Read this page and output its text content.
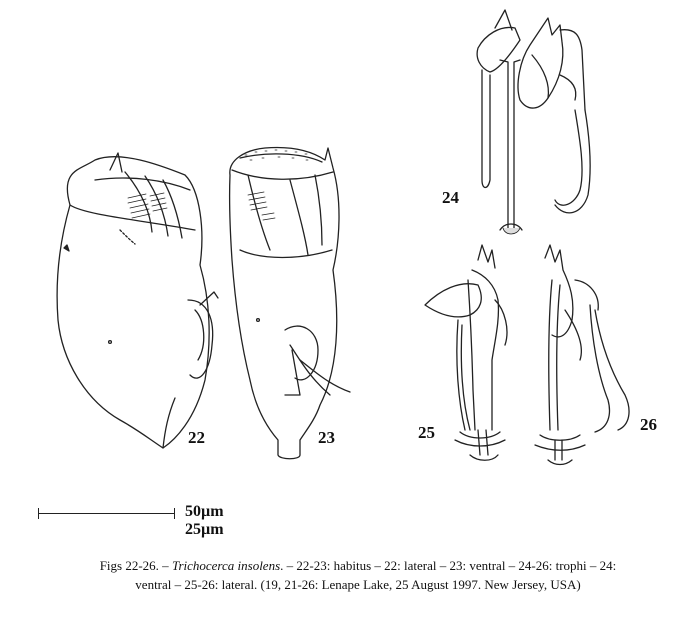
22	23
24
25	26
50µm
25µm
Figs 22-26. – Trichocerca insolens. – 22-23: habitus – 22: lateral – 23: ventral – 24-26: trophi – 24:
ventral – 25-26: lateral. (19, 21-26: Lenape Lake, 25 August 1997. New Jersey, USA)
